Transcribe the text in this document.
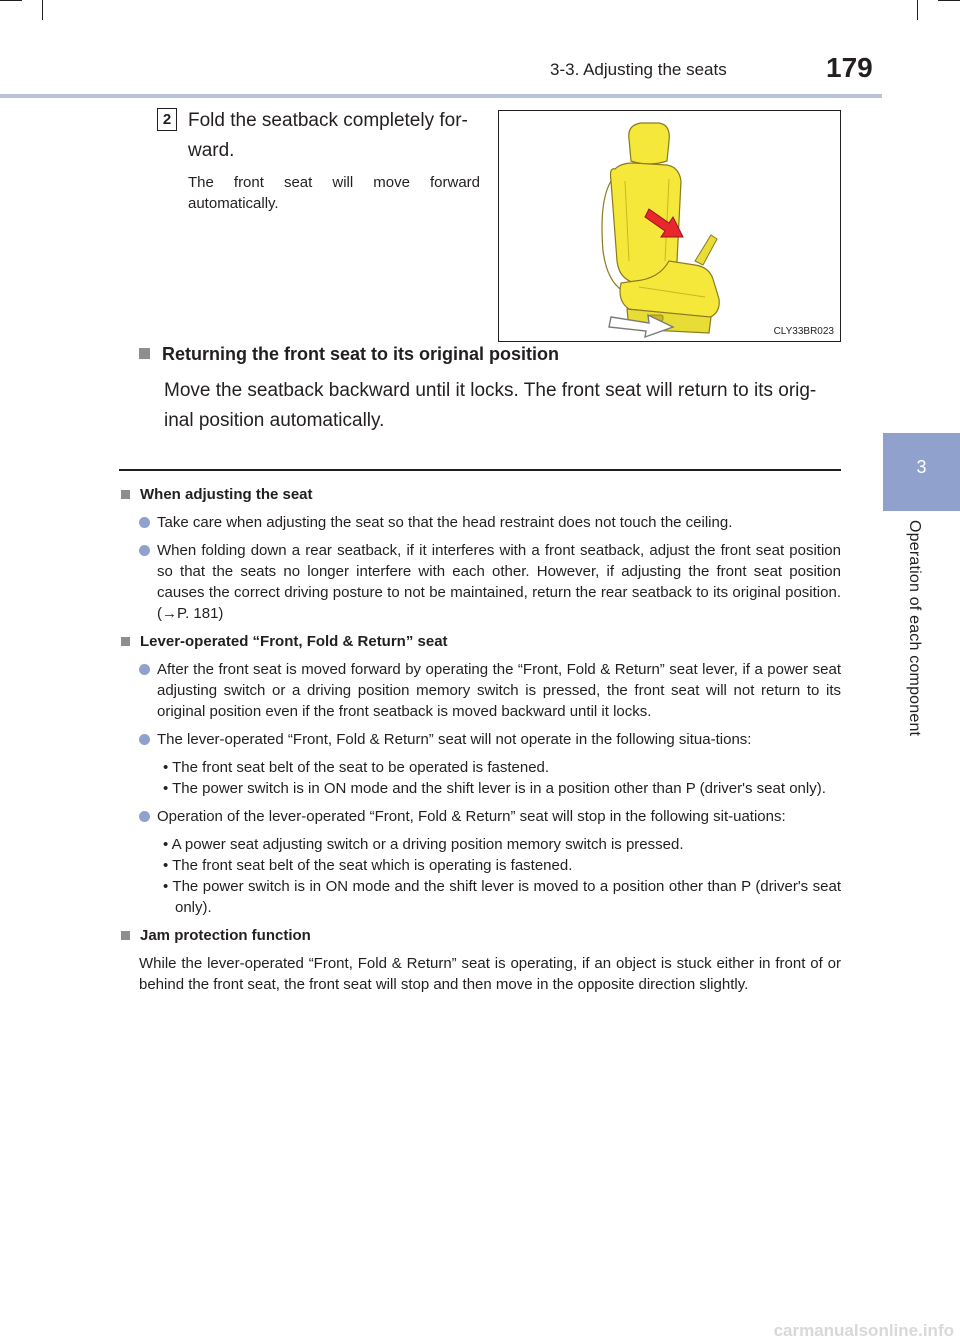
3-3. Adjusting the seats	179
3
Operation of each component
2 Fold the seatback completely for-ward.
The front seat will move forward automatically.
CLY33BR023
Returning the front seat to its original position
Move the seatback backward until it locks. The front seat will return to its orig-inal position automatically.

When adjusting the seat

Take care when adjusting the seat so that the head restraint does not touch the ceiling.

When folding down a rear seatback, if it interferes with a front seatback, adjust the front seat position so that the seats no longer interfere with each other. However, if adjusting the front seat position causes the correct driving posture to not be maintained, return the rear seatback to its original position. (→P. 181)

Lever-operated “Front, Fold & Return” seat

After the front seat is moved forward by operating the “Front, Fold & Return” seat lever, if a power seat adjusting switch or a driving position memory switch is pressed, the front seat will not return to its original position even if the front seatback is moved backward until it locks.

The lever-operated “Front, Fold & Return” seat will not operate in the following situa-tions:

• The front seat belt of the seat to be operated is fastened.

• The power switch is in ON mode and the shift lever is in a position other than P (driver's seat only).

Operation of the lever-operated “Front, Fold & Return” seat will stop in the following sit-uations:

• A power seat adjusting switch or a driving position memory switch is pressed.

• The front seat belt of the seat which is operating is fastened.

• The power switch is in ON mode and the shift lever is moved to a position other than P (driver's seat only).

Jam protection function

While the lever-operated “Front, Fold & Return” seat is operating, if an object is stuck either in front of or behind the front seat, the front seat will stop and then move in the opposite direction slightly.

carmanualsonline.info
